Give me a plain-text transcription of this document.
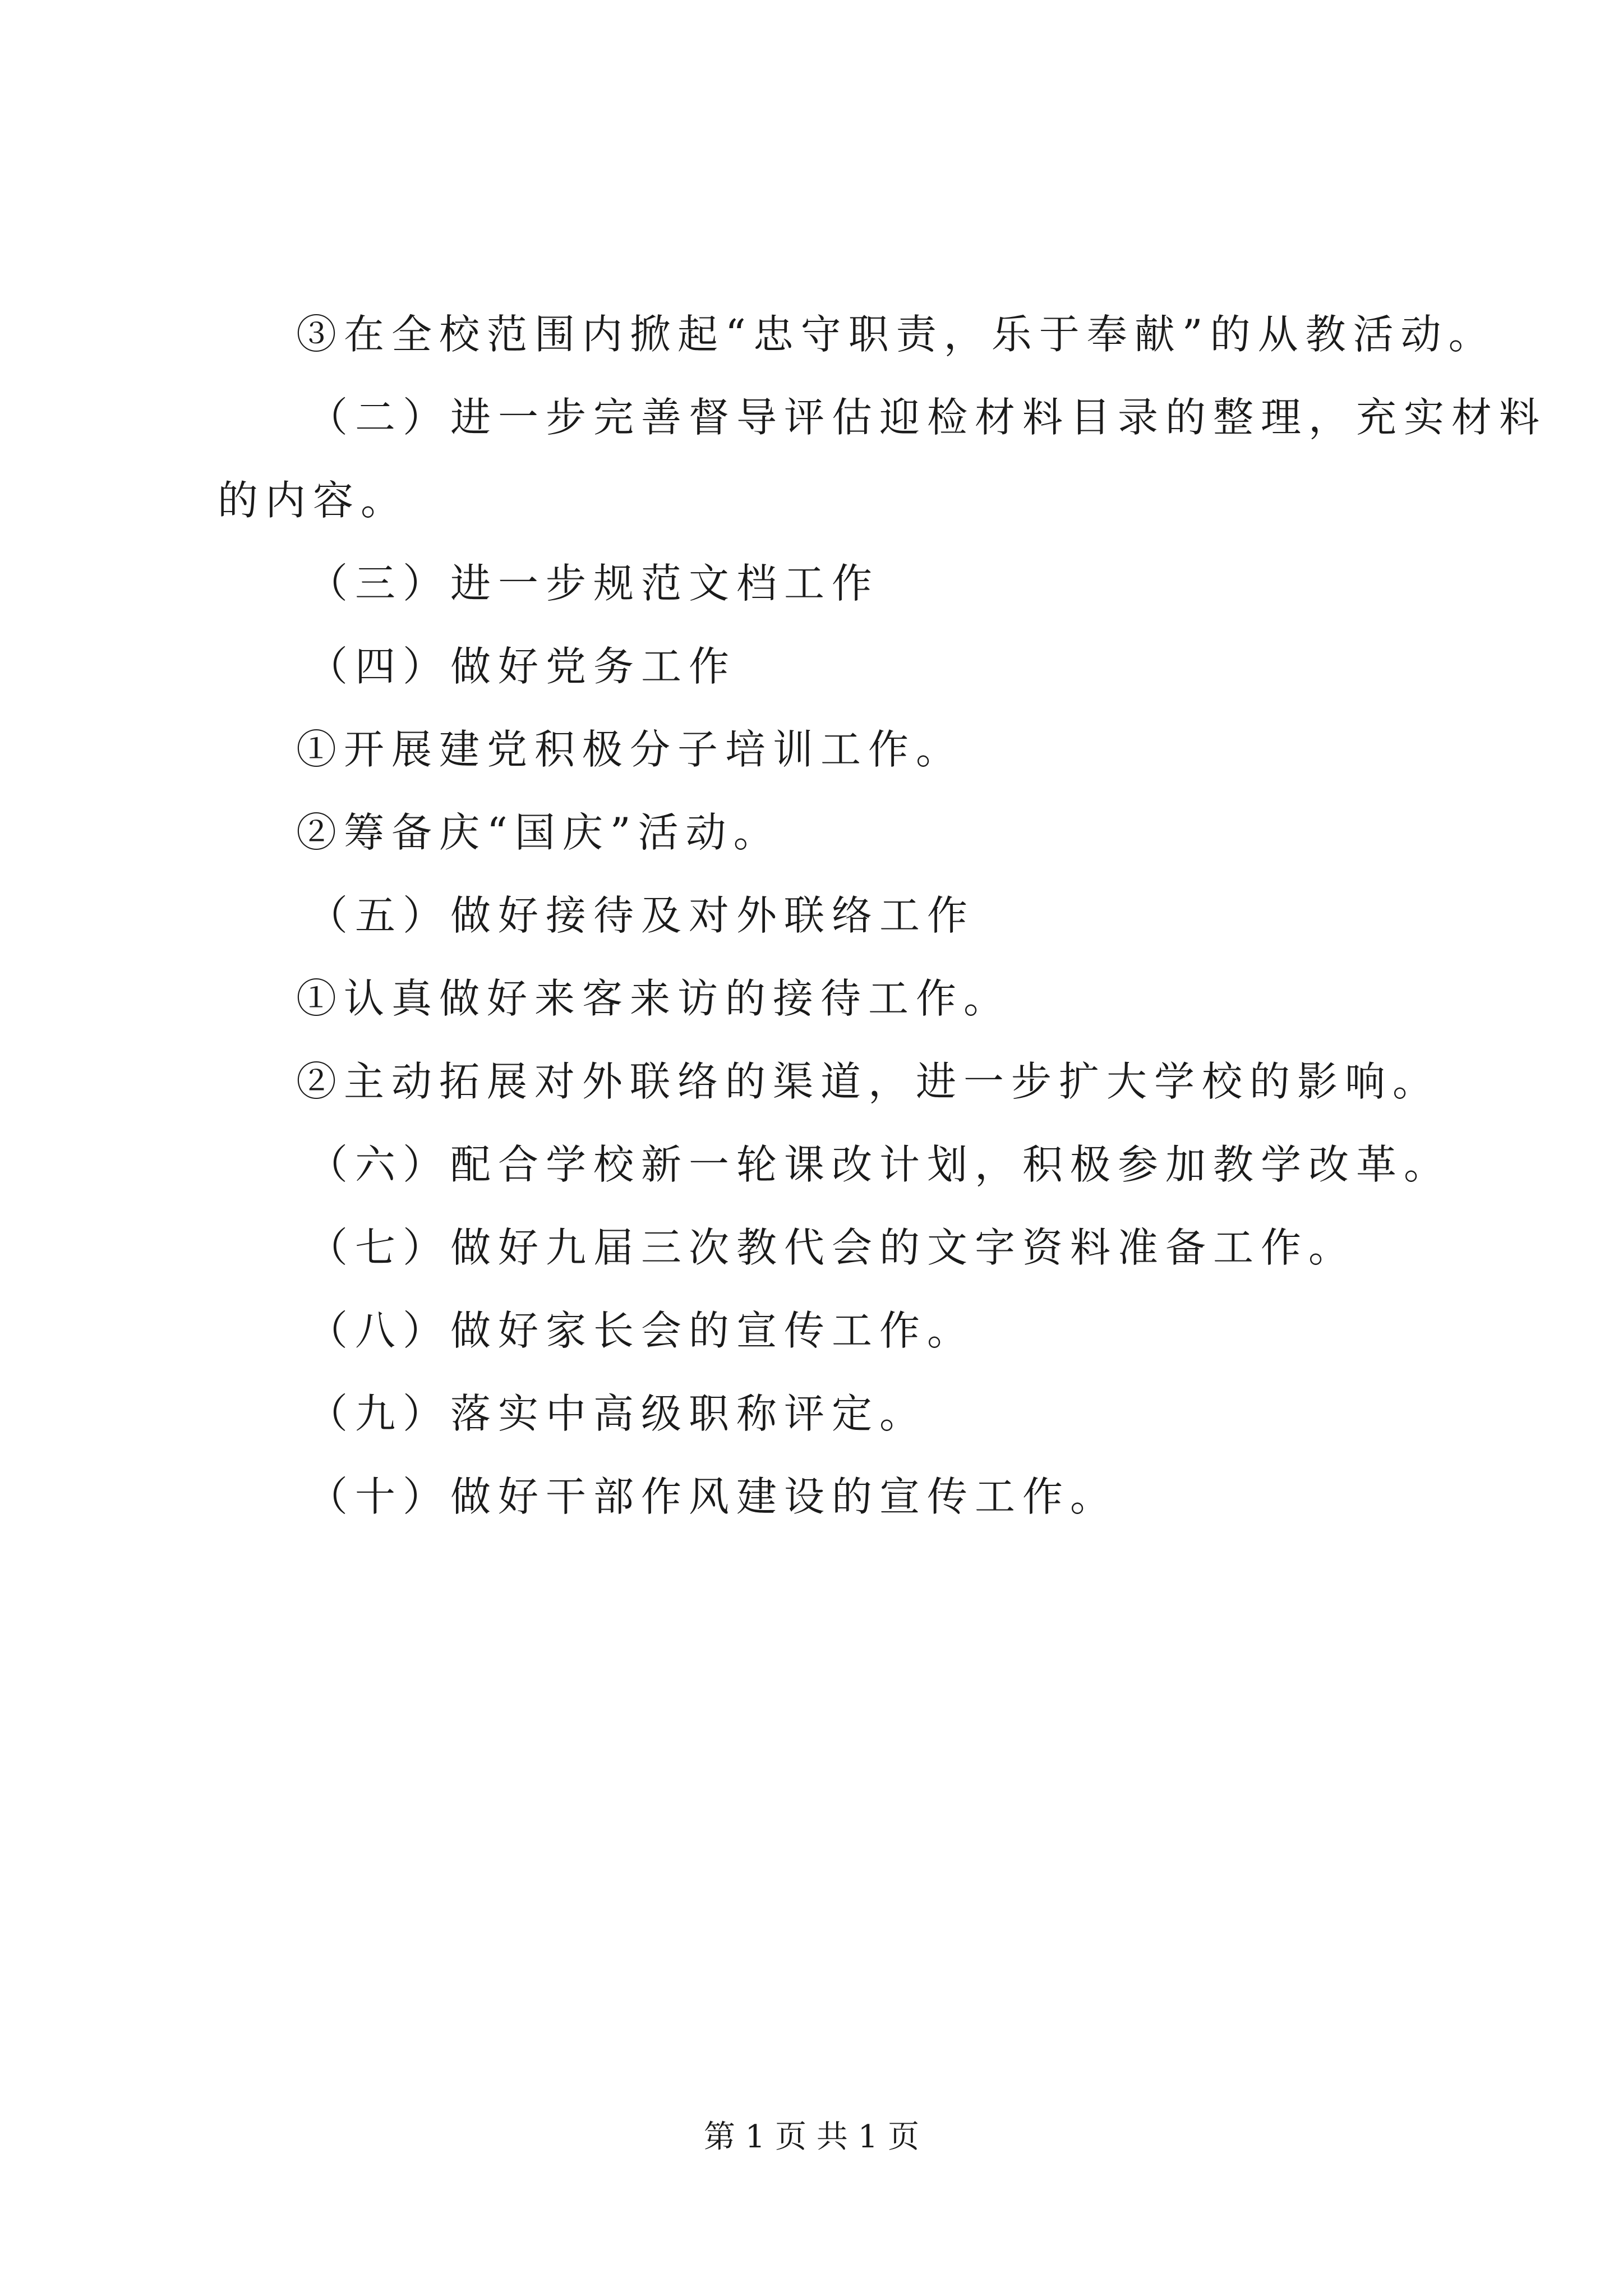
③在全校范围内掀起“忠守职责，乐于奉献”的从教活动。
（二）进一步完善督导评估迎检材料目录的整理，充实材料
的内容。
（三）进一步规范文档工作
（四）做好党务工作
①开展建党积极分子培训工作。
②筹备庆“国庆”活动。
（五）做好接待及对外联络工作
①认真做好来客来访的接待工作。
②主动拓展对外联络的渠道，进一步扩大学校的影响。
（六）配合学校新一轮课改计划，积极参加教学改革。
（七）做好九届三次教代会的文字资料准备工作。
（八）做好家长会的宣传工作。
（九）落实中高级职称评定。
（十）做好干部作风建设的宣传工作。
第 1 页 共 1 页
